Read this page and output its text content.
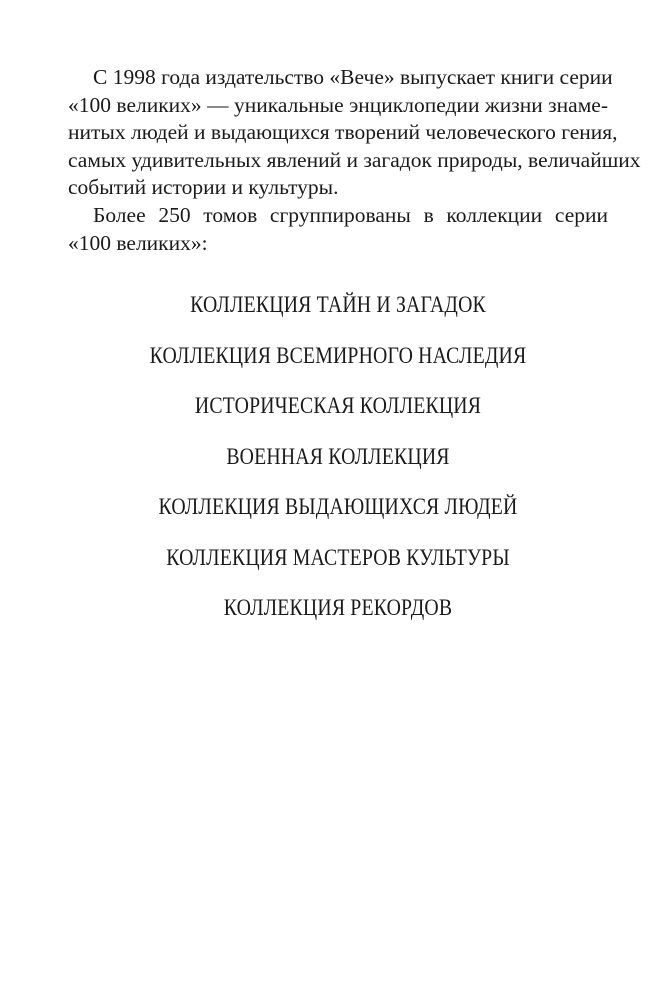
С 1998 года издательство «Вече» выпускает книги серии
«100 великих» — уникальные энциклопедии жизни знаме-
нитых людей и выдающихся творений человеческого гения,
самых удивительных явлений и загадок природы, величайших
событий истории и культуры.
Более 250 томов сгруппированы в коллекции серии
«100 великих»:
КОЛЛЕКЦИЯ ТАЙН И ЗАГАДОК
КОЛЛЕКЦИЯ ВСЕМИРНОГО НАСЛЕДИЯ
ИСТОРИЧЕСКАЯ КОЛЛЕКЦИЯ
ВОЕННАЯ КОЛЛЕКЦИЯ
КОЛЛЕКЦИЯ ВЫДАЮЩИХСЯ ЛЮДЕЙ
КОЛЛЕКЦИЯ МАСТЕРОВ КУЛЬТУРЫ
КОЛЛЕКЦИЯ РЕКОРДОВ
